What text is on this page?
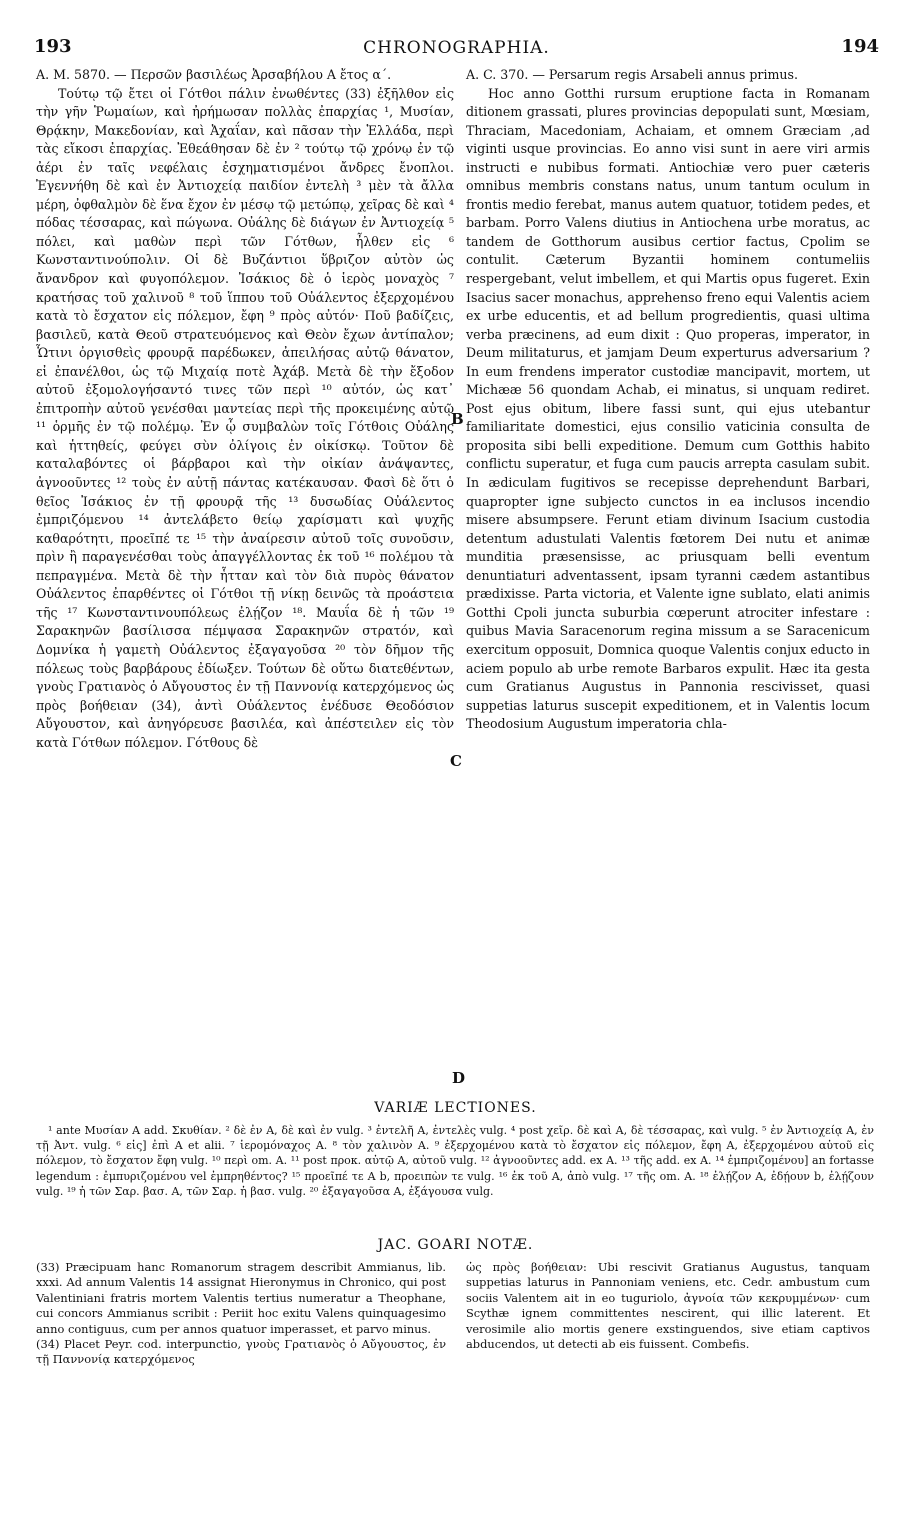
193	CHRONOGRAPHIA.	194

A. M. 5870. — Περσῶν βασιλέως Ἀρσαβήλου Α ἔτος α΄.

Τούτῳ τῷ ἔτει οἱ Γότθοι πάλιν ἐνωθέντες (33) ἐξῆλθον εἰς τὴν γῆν Ῥωμαίων, καὶ ἠρήμωσαν πολλὰς ἐπαρχίας ¹, Μυσίαν, Θρᾴκην, Μακεδονίαν, καὶ Ἀχαΐαν, καὶ πᾶσαν τὴν Ἑλλάδα, περὶ τὰς εἴκοσι ἐπαρχίας. Ἐθεάθησαν δὲ ἐν ² τούτῳ τῷ χρόνῳ ἐν τῷ ἀέρι ἐν ταῖς νεφέλαις ἐσχηματισμένοι ἄνδρες ἔνοπλοι. Ἐγεννήθη δὲ καὶ ἐν Ἀντιοχείᾳ παιδίον ἐντελὴ ³ μὲν τὰ ἄλλα μέρη, ὀφθαλμὸν δὲ ἕνα ἔχον ἐν μέσῳ τῷ μετώπῳ, χεῖρας δὲ καὶ ⁴ πόδας τέσσαρας, καὶ πώγωνα. Οὐάλης δὲ διάγων ἐν Ἀντιοχείᾳ ⁵ πόλει, καὶ μαθὼν περὶ τῶν Γότθων, ἦλθεν εἰς ⁶ Κωνσταντινούπολιν. Οἱ δὲ Βυζάντιοι ὕβριζον αὐτὸν ὡς ἄνανδρον καὶ φυγοπόλεμον. Ἰσάκιος δὲ ὁ ἱερὸς μοναχὸς ⁷ κρατήσας τοῦ χαλινοῦ ⁸ τοῦ ἵππου τοῦ Οὐάλεντος ἐξερχομένου κατὰ τὸ ἔσχατον εἰς πόλεμον, ἔφη ⁹ πρὸς αὐτόν· Ποῦ βαδίζεις, βασιλεῦ, κατὰ Θεοῦ στρατευόμενος καὶ Θεὸν ἔχων ἀντίπαλον; Ὧτινι ὀργισθεὶς φρουρᾷ παρέδωκεν, ἀπειλήσας αὐτῷ θάνατον, εἰ ἐπανέλθοι, ὡς τῷ Μιχαίᾳ ποτὲ Ἀχάβ. Μετὰ δὲ τὴν ἔξοδον αὐτοῦ ἐξομολογήσαντό τινες τῶν περὶ ¹⁰ αὐτόν, ὡς κατ᾽ ἐπιτροπὴν αὐτοῦ γενέσθαι μαντείας περὶ τῆς προκειμένης αὐτῷ ¹¹ ὁρμῆς ἐν τῷ πολέμῳ. Ἐν ᾧ συμβαλὼν τοῖς Γότθοις Οὐάλης καὶ ἡττηθείς, φεύγει σὺν ὀλίγοις ἐν οἰκίσκῳ. Τοῦτον δὲ καταλαβόντες οἱ βάρβαροι καὶ τὴν οἰκίαν ἀνάψαντες, ἀγνοοῦντες ¹² τοὺς ἐν αὐτῇ πάντας κατέκαυσαν. Φασὶ δὲ ὅτι ὁ θεῖος Ἰσάκιος ἐν τῇ φρουρᾷ τῆς ¹³ δυσωδίας Οὐάλεντος ἐμπριζόμενου ¹⁴ ἀντελάβετο θείῳ χαρίσματι καὶ ψυχῆς καθαρότητι, προεῖπέ τε ¹⁵ τὴν ἀναίρεσιν αὐτοῦ τοῖς συνοῦσιν, πρὶν ἢ παραγενέσθαι τοὺς ἀπαγγέλλοντας ἐκ τοῦ ¹⁶ πολέμου τὰ πεπραγμένα. Μετὰ δὲ τὴν ἧτταν καὶ τὸν διὰ πυρὸς θάνατον Οὐάλεντος ἐπαρθέντες οἱ Γότθοι τῇ νίκῃ δεινῶς τὰ προάστεια τῆς ¹⁷ Κωνσταντινουπόλεως ἐλῄζον ¹⁸. Μαυΐα δὲ ἡ τῶν ¹⁹ Σαρακηνῶν βασίλισσα πέμψασα Σαρακηνῶν στρατόν, καὶ Δομνίκα ἡ γαμετὴ Οὐάλεντος ἐξαγαγοῦσα ²⁰ τὸν δῆμον τῆς πόλεως τοὺς βαρβάρους ἐδίωξεν. Τούτων δὲ οὕτω διατεθέντων, γνοὺς Γρατιανὸς ὁ Αὔγουστος ἐν τῇ Παννονίᾳ κατερχόμενος ὡς πρὸς βοήθειαν (34), ἀντὶ Οὐάλεντος ἐνέδυσε Θεοδόσιον Αὔγουστον, καὶ ἀνηγόρευσε βασιλέα, καὶ ἀπέστειλεν εἰς τὸν κατὰ Γότθων πόλεμον. Γότθους δὲ

A. C. 370. — Persarum regis Arsabeli annus primus.

Hoc anno Gotthi rursum eruptione facta in Romanam ditionem grassati, plures provincias depopulati sunt, Mœsiam, Thraciam, Macedoniam, Achaiam, et omnem Græciam ,ad viginti usque provincias. Eo anno visi sunt in aere viri armis instructi e nubibus formati. Antiochiæ vero puer cæteris omnibus membris constans natus, unum tantum oculum in frontis medio ferebat, manus autem quatuor, totidem pedes, et barbam. Porro Valens diutius in Antiochena urbe moratus, ac tandem de Gotthorum ausibus certior factus, Cpolim se contulit. Cæterum Byzantii hominem contumeliis respergebant, velut imbellem, et qui Martis opus fugeret. Exin Isacius sacer monachus, apprehenso freno equi Valentis aciem ex urbe educentis, et ad bellum progredientis, quasi ultima verba præcinens, ad eum dixit : Quo properas, imperator, in Deum militaturus, et jamjam Deum experturus adversarium ? In eum frendens imperator custodiæ mancipavit, mortem, ut Michææ 56 quondam Achab, ei minatus, si unquam rediret. Post ejus obitum, libere fassi sunt, qui ejus utebantur familiaritate domestici, ejus consilio vaticinia consulta de proposita sibi belli expeditione. Demum cum Gotthis habito conflictu superatur, et fuga cum paucis arrepta casulam subit. In ædiculam fugitivos se recepisse deprehendunt Barbari, quapropter igne subjecto cunctos in ea inclusos incendio misere absumpsere. Ferunt etiam divinum Isacium custodia detentum adustulati Valentis fœtorem Dei nutu et animæ munditia præsensisse, ac priusquam belli eventum denuntiaturi adventassent, ipsam tyranni cædem astantibus prædixisse. Parta victoria, et Valente igne sublato, elati animis Gotthi Cpoli juncta suburbia cœperunt atrociter infestare : quibus Mavia Saracenorum regina missum a se Saracenicum exercitum opposuit, Domnica quoque Valentis conjux educto in aciem populo ab urbe remote Barbaros expulit. Hæc ita gesta cum Gratianus Augustus in Pannonia rescivisset, quasi suppetias laturus suscepit expeditionem, et in Valentis locum Theodosium Augustum imperatoria chla-

B
C
D
VARIÆ LECTIONES.

¹ ante Μυσίαν A add. Σκυθίαν. ² δὲ ἐν A, δὲ καὶ ἐν vulg. ³ ἐντελῆ A, ἐντελὲς vulg. ⁴ post χεῖρ. δὲ καὶ A, δὲ τέσσαρας, καὶ vulg. ⁵ ἐν Ἀντιοχείᾳ A, ἐν τῇ Ἀντ. vulg. ⁶ εἰς] ἐπὶ A et alii. ⁷ ἱερομόναχος A. ⁸ τὸν χαλινὸν A. ⁹ ἐξερχομένου κατὰ τὸ ἔσχατον εἰς πόλεμον, ἔφη A, ἐξερχομένου αὐτοῦ εἰς πόλεμον, τὸ ἔσχατον ἔφη vulg. ¹⁰ περὶ om. A. ¹¹ post προκ. αὐτῷ A, αὐτοῦ vulg. ¹² ἀγνοοῦντες add. ex A. ¹³ τῆς add. ex A. ¹⁴ ἐμπριζομένου] an fortasse legendum : ἐμπυριζομένου vel ἐμπρηθέντος? ¹⁵ προεῖπέ τε A b, προειπὼν τε vulg. ¹⁶ ἐκ τοῦ A, ἀπὸ vulg. ¹⁷ τῆς om. A. ¹⁸ ἐλῄζον A, ἐδῄουν b, ἐλῄζουν vulg. ¹⁹ ἡ τῶν Σαρ. βασ. A, τῶν Σαρ. ἡ βασ. vulg. ²⁰ ἐξαγαγοῦσα A, ἐξάγουσα vulg.

JAC. GOARI NOTÆ.

(33) Præcipuam hanc Romanorum stragem describit Ammianus, lib. xxxi. Ad annum Valentis 14 assignat Hieronymus in Chronico, qui post Valentiniani fratris mortem Valentis tertius numeratur a Theophane, cui concors Ammianus scribit : Periit hoc exitu Valens quinquagesimo anno contiguus, cum per annos quatuor imperasset, et parvo minus.

(34) Placet Peyr. cod. interpunctio, γνοὺς Γρατιανὸς ὁ Αὔγουστος, ἐν τῇ Παννονίᾳ κατερχόμενος

ὡς πρὸς βοήθειαν: Ubi rescivit Gratianus Augustus, tanquam suppetias laturus in Pannoniam veniens, etc. Cedr. ambustum cum sociis Valentem ait in eo tuguriolo, ἀγνοία τῶν κεκρυμμένων· cum Scythæ ignem committentes nescirent, qui illic laterent. Et verosimile alio mortis genere exstinguendos, sive etiam captivos abducendos, ut detecti ab eis fuissent. Combefis.
